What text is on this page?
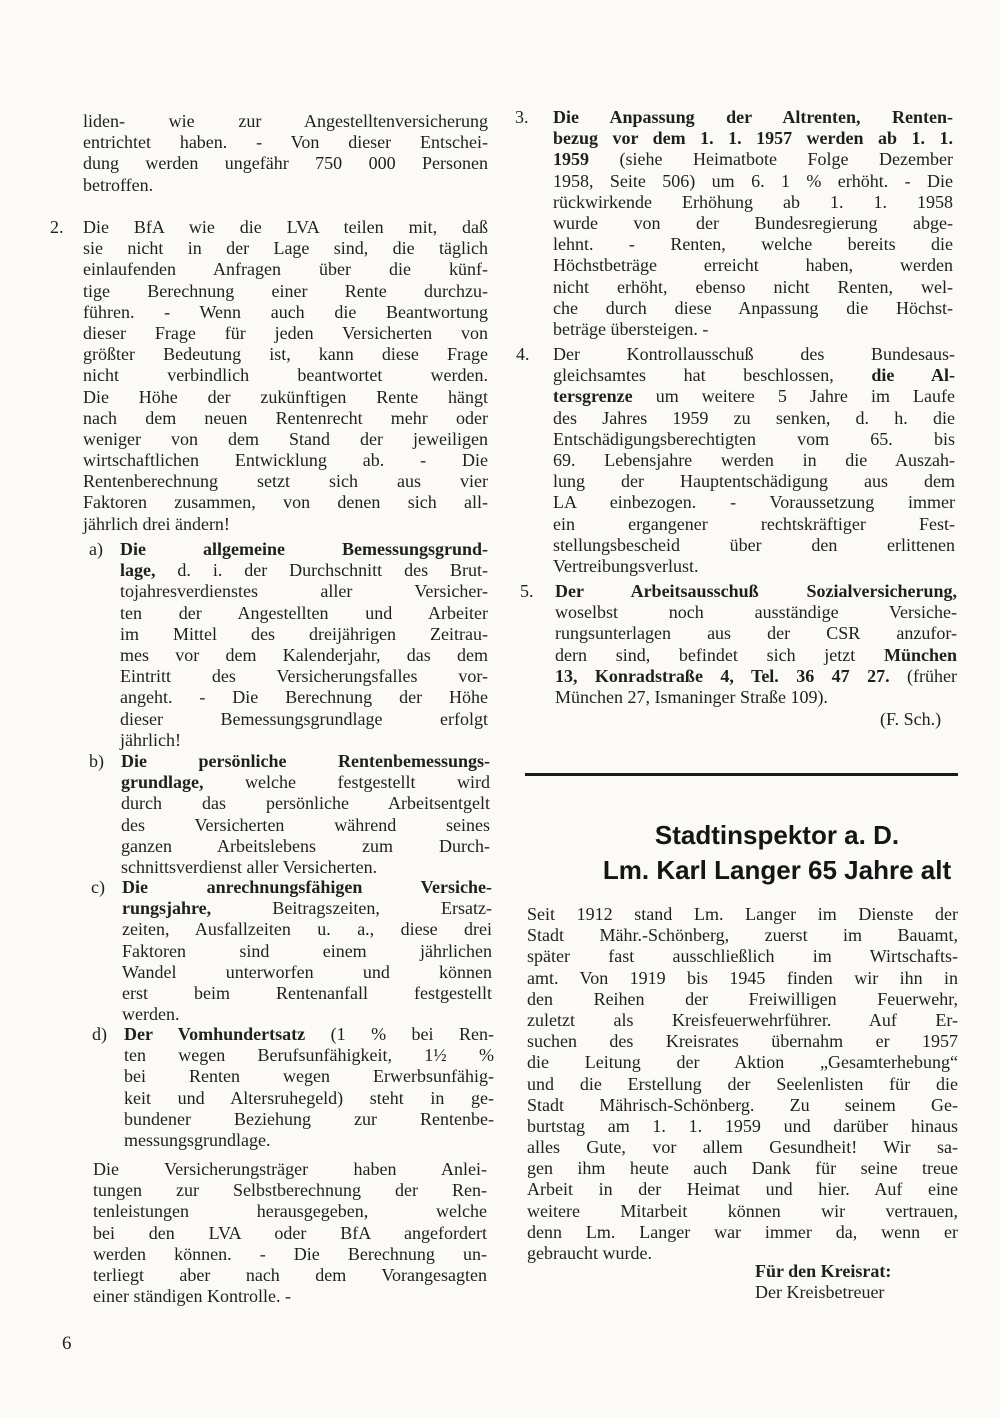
liden- wie zur Angestelltenversicherung
entrichtet haben. - Von dieser Entschei-
dung werden ungefähr 750 000 Personen
betroffen.
2. Die BfA wie die LVA teilen mit, daß
sie nicht in der Lage sind, die täglich
einlaufenden Anfragen über die künf-
tige Berechnung einer Rente durchzu-
führen. - Wenn auch die Beantwortung
dieser Frage für jeden Versicherten von
größter Bedeutung ist, kann diese Frage
nicht verbindlich beantwortet werden.
Die Höhe der zukünftigen Rente hängt
nach dem neuen Rentenrecht mehr oder
weniger von dem Stand der jeweiligen
wirtschaftlichen Entwicklung ab. - Die
Rentenberechnung setzt sich aus vier
Faktoren zusammen, von denen sich all-
jährlich drei ändern!
a) Die allgemeine Bemessungsgrund-
lage, d. i. der Durchschnitt des Brut-
tojahresverdienstes aller Versicher-
ten der Angestellten und Arbeiter
im Mittel des dreijährigen Zeitrau-
mes vor dem Kalenderjahr, das dem
Eintritt des Versicherungsfalles vor-
angeht. - Die Berechnung der Höhe
dieser Bemessungsgrundlage erfolgt
jährlich!
b) Die persönliche Rentenbemessungs-
grundlage, welche festgestellt wird
durch das persönliche Arbeitsentgelt
des Versicherten während seines
ganzen Arbeitslebens zum Durch-
schnittsverdienst aller Versicherten.
c) Die anrechnungsfähigen Versiche-
rungsjahre, Beitragszeiten, Ersatz-
zeiten, Ausfallzeiten u. a., diese drei
Faktoren sind einem jährlichen
Wandel unterworfen und können
erst beim Rentenanfall festgestellt
werden.
d) Der Vomhundertsatz (1 % bei Ren-
ten wegen Berufsunfähigkeit, 1½ %
bei Renten wegen Erwerbsunfähig-
keit und Altersruhegeld) steht in ge-
bundener Beziehung zur Rentenbe-
messungsgrundlage.
Die Versicherungsträger haben Anlei-
tungen zur Selbstberechnung der Ren-
tenleistungen herausgegeben, welche
bei den LVA oder BfA angefordert
werden können. - Die Berechnung un-
terliegt aber nach dem Vorangesagten
einer ständigen Kontrolle. -
6
3. Die Anpassung der Altrenten, Renten-
bezug vor dem 1. 1. 1957 werden ab 1. 1.
1959 (siehe Heimatbote Folge Dezember
1958, Seite 506) um 6. 1 % erhöht. - Die
rückwirkende Erhöhung ab 1. 1. 1958
wurde von der Bundesregierung abge-
lehnt. - Renten, welche bereits die
Höchstbeträge erreicht haben, werden
nicht erhöht, ebenso nicht Renten, wel-
che durch diese Anpassung die Höchst-
beträge übersteigen. -
4. Der Kontrollausschuß des Bundesaus-
gleichsamtes hat beschlossen, die Al-
tersgrenze um weitere 5 Jahre im Laufe
des Jahres 1959 zu senken, d. h. die
Entschädigungsberechtigten vom 65. bis
69. Lebensjahre werden in die Auszah-
lung der Hauptentschädigung aus dem
LA einbezogen. - Voraussetzung immer
ein ergangener rechtskräftiger Fest-
stellungsbescheid über den erlittenen
Vertreibungsverlust.
5. Der Arbeitsausschuß Sozialversicherung,
woselbst noch ausständige Versiche-
rungsunterlagen aus der CSR anzufor-
dern sind, befindet sich jetzt München
13, Konradstraße 4, Tel. 36 47 27. (früher
München 27, Ismaninger Straße 109).
(F. Sch.)
Stadtinspektor a. D.
Lm. Karl Langer 65 Jahre alt
Seit 1912 stand Lm. Langer im Dienste der
Stadt Mähr.-Schönberg, zuerst im Bauamt,
später fast ausschließlich im Wirtschafts-
amt. Von 1919 bis 1945 finden wir ihn in
den Reihen der Freiwilligen Feuerwehr,
zuletzt als Kreisfeuerwehrführer. Auf Er-
suchen des Kreisrates übernahm er 1957
die Leitung der Aktion „Gesamterhebung“
und die Erstellung der Seelenlisten für die
Stadt Mährisch-Schönberg. Zu seinem Ge-
burtstag am 1. 1. 1959 und darüber hinaus
alles Gute, vor allem Gesundheit! Wir sa-
gen ihm heute auch Dank für seine treue
Arbeit in der Heimat und hier. Auf eine
weitere Mitarbeit können wir vertrauen,
denn Lm. Langer war immer da, wenn er
gebraucht wurde.
Für den Kreisrat:
Der Kreisbetreuer
